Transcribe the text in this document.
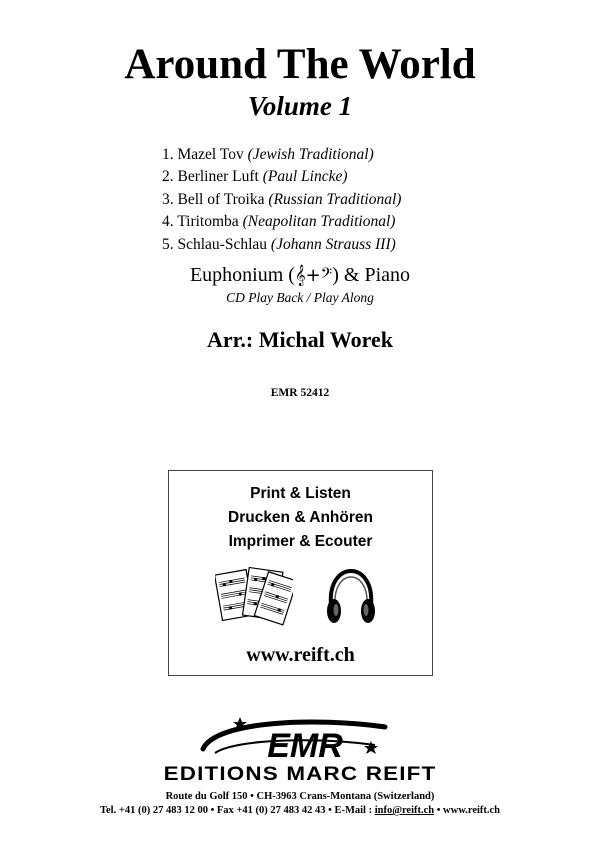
Around The World
Volume 1
1. Mazel Tov (Jewish Traditional)
2. Berliner Luft (Paul Lincke)
3. Bell of Troika (Russian Traditional)
4. Tiritomba (Neapolitan Traditional)
5. Schlau-Schlau (Johann Strauss III)
Euphonium (𝄞+𝄢) & Piano
CD Play Back / Play Along
Arr.: Michal Worek
EMR 52412
Print & Listen
Drucken & Anhören
Imprimer & Ecouter
www.reift.ch
EMR
EDITIONS MARC REIFT
Route du Golf 150 • CH-3963 Crans-Montana (Switzerland)
Tel. +41 (0) 27 483 12 00 • Fax +41 (0) 27 483 42 43 • E-Mail : info@reift.ch • www.reift.ch
